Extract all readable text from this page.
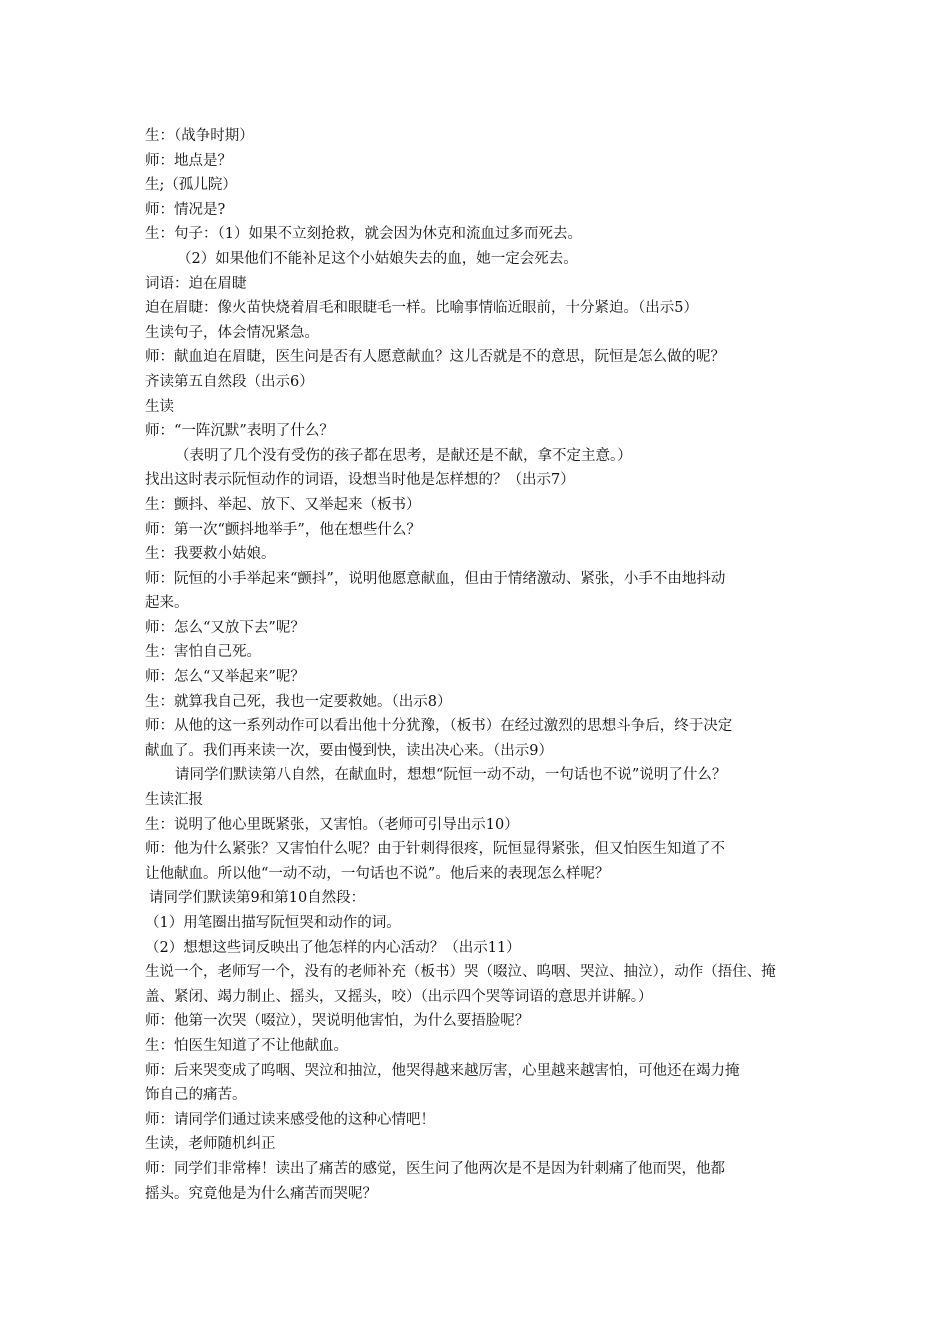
生：（战争时期）
师：地点是？
生;（孤儿院）
师：情况是?
生：句子：（1）如果不立刻抢救，就会因为休克和流血过多而死去。
（2）如果他们不能补足这个小姑娘失去的血，她一定会死去。
词语：迫在眉睫
迫在眉睫：像火苗快烧着眉毛和眼睫毛一样。比喻事情临近眼前，十分紧迫。（出示5）
生读句子，体会情况紧急。
师：献血迫在眉睫，医生问是否有人愿意献血？这儿否就是不的意思，阮恒是怎么做的呢？
齐读第五自然段（出示6）
生读
师：“一阵沉默”表明了什么？
（表明了几个没有受伤的孩子都在思考，是献还是不献，拿不定主意。）
找出这时表示阮恒动作的词语，设想当时他是怎样想的？（出示7）
生：颤抖、举起、放下、又举起来（板书）
师：第一次“颤抖地举手”，他在想些什么？
生：我要救小姑娘。
师：阮恒的小手举起来“颤抖”，说明他愿意献血，但由于情绪激动、紧张，小手不由地抖动
起来。
师：怎么“又放下去”呢？
生：害怕自己死。
师：怎么“又举起来”呢？
生：就算我自己死，我也一定要救她。（出示8）
师：从他的这一系列动作可以看出他十分犹豫，（板书）在经过激烈的思想斗争后，终于决定
献血了。我们再来读一次，要由慢到快，读出决心来。（出示9）
请同学们默读第八自然，在献血时，想想“阮恒一动不动，一句话也不说”说明了什么？
生读汇报
生：说明了他心里既紧张，又害怕。（老师可引导出示10）
师：他为什么紧张？又害怕什么呢？由于针刺得很疼，阮恒显得紧张，但又怕医生知道了不
让他献血。所以他“一动不动，一句话也不说”。他后来的表现怎么样呢？
请同学们默读第9和第10自然段：
（1）用笔圈出描写阮恒哭和动作的词。
（2）想想这些词反映出了他怎样的内心活动？（出示11）
生说一个，老师写一个，没有的老师补充（板书）哭（啜泣、呜咽、哭泣、抽泣），动作（捂住、掩
盖、紧闭、竭力制止、摇头，又摇头，咬）（出示四个哭等词语的意思并讲解。）
师：他第一次哭（啜泣），哭说明他害怕，为什么要捂脸呢？
生：怕医生知道了不让他献血。
师：后来哭变成了呜咽、哭泣和抽泣，他哭得越来越厉害，心里越来越害怕，可他还在竭力掩
饰自己的痛苦。
师：请同学们通过读来感受他的这种心情吧！
生读，老师随机纠正
师：同学们非常棒！读出了痛苦的感觉，医生问了他两次是不是因为针刺痛了他而哭，他都
摇头。究竟他是为什么痛苦而哭呢？
